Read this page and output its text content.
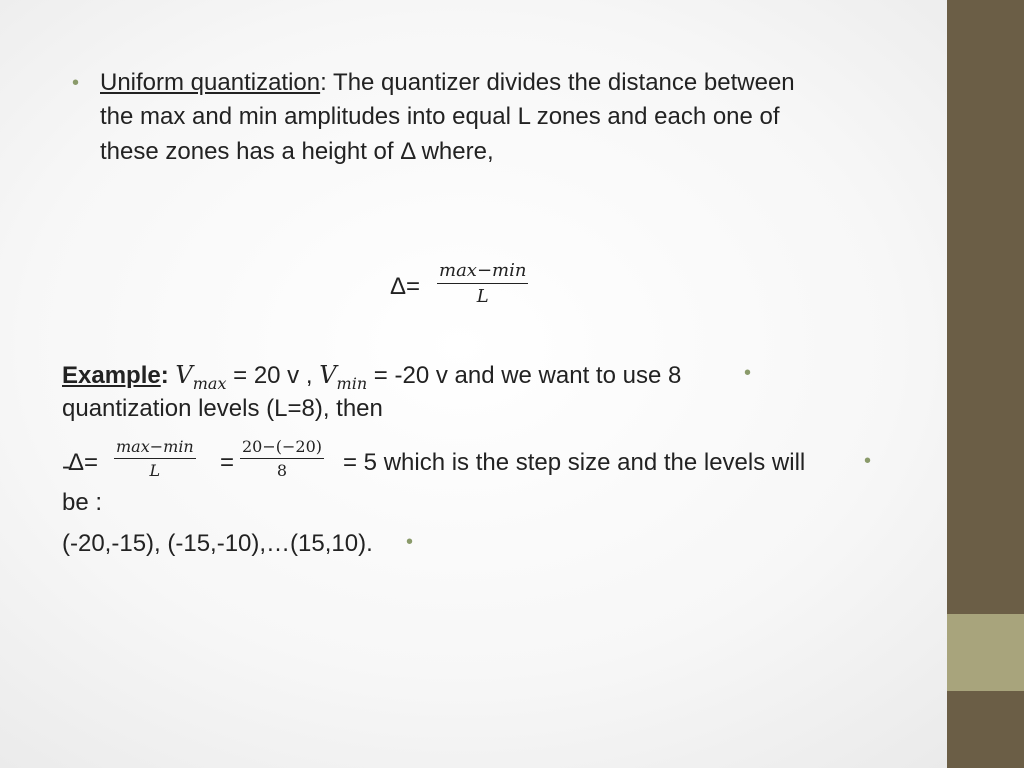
• Uniform quantization: The quantizer divides the distance between
the max and min amplitudes into equal L zones and each one of
these zones has a height of Δ where,
Δ=
max−min
L
Example: $V_{max} = 20$ v , $V_{min} = -20$ v and we want to use 8	•
quantization levels (L=8), then
-
Δ=
max−min
L	= $\frac{20-(-20)}{8} = 5$ which is the step size and the levels will	•
be :
(-20,-15), (-15,-10),…(15,10). •
